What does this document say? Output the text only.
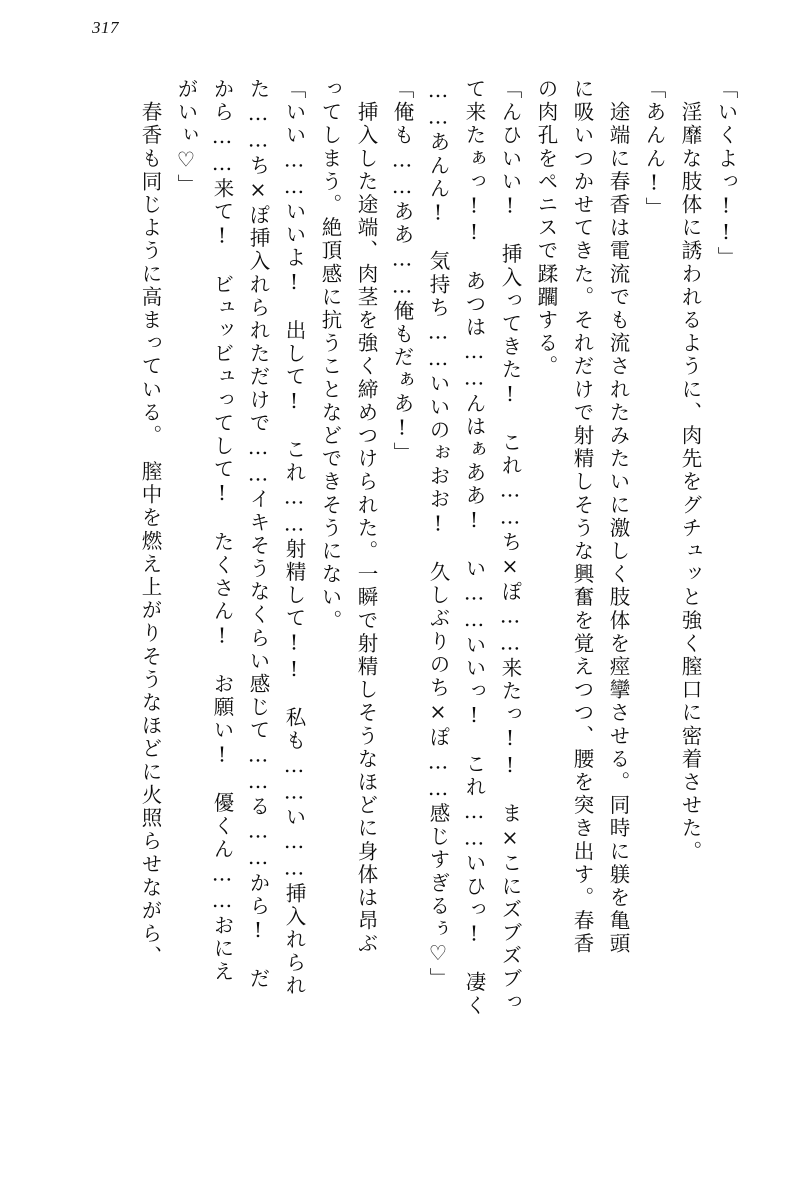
317
「いくよっ!!」
　淫靡な肢体に誘われるように、肉先をグチュッと強く膣口に密着させた。
「あんん!」
　途端に春香は電流でも流されたみたいに激しく肢体を痙攣させる。同時に躾を亀頭
に吸いつかせてきた。それだけで射精しそうな興奮を覚えつつ、腰を突き出す。春香
の肉孔をペニスで蹂躙する。
「んひいい!　挿入ってきた!　これ……ち×ぽ……来たっ!!　ま×こにズブズブっ
て来たぁっ!!　あつは……んはぁああ!　い……いいっ!　これ……いひっ!　凄く
……あんん!　気持ち……いいのぉおお!　久しぶりのち×ぽ……感じすぎるぅ♡」
「俺も……ああ……俺もだぁあ!」
　挿入した途端、肉茎を強く締めつけられた。一瞬で射精しそうなほどに身体は昂ぶ
ってしまう。絶頂感に抗うことなどできそうにない。
「いい……いいよ!　出して!　これ……射精して!!　私も……い……挿入れられ
た……ち×ぽ挿入れられただけで……イキそうなくらい感じて……る……から!　だ
から……来て!　ビュッビュってして!　たくさん!　お願い!　優くん……おにえ
がいぃ♡」
　春香も同じように高まっている。　膣中を燃え上がりそうなほどに火照らせながら、
